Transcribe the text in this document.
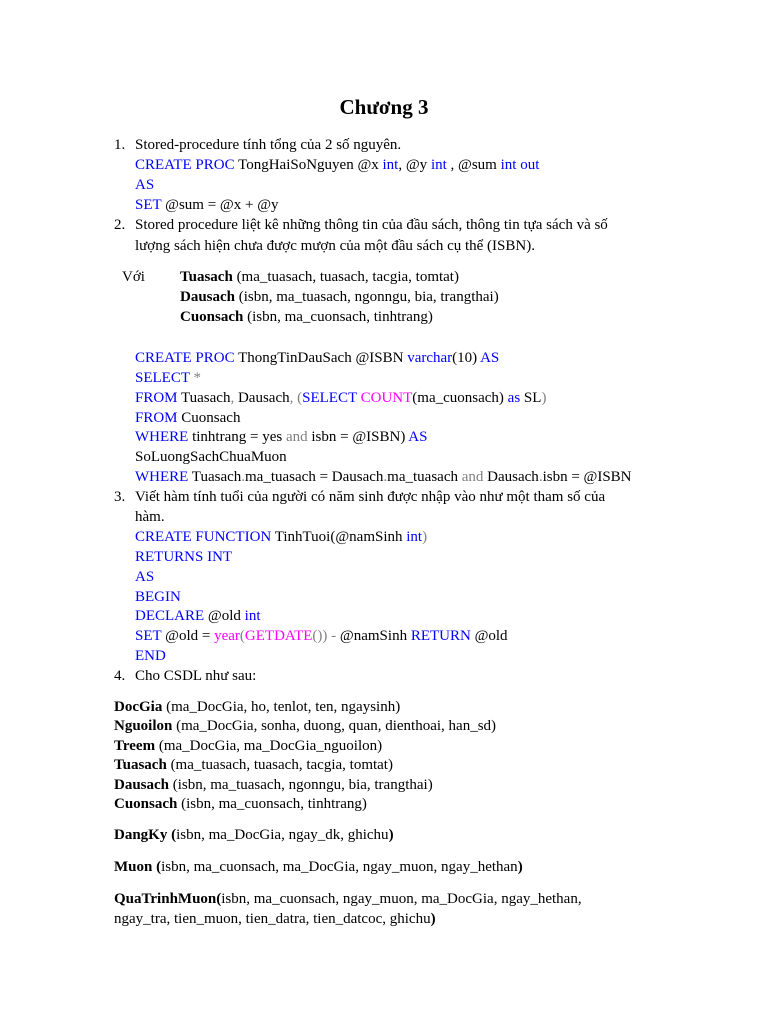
Chương 3
1. Stored-procedure tính tổng của 2 số nguyên.
CREATE PROC TongHaiSoNguyen @x int, @y int , @sum int out
AS
SET @sum = @x + @y
2. Stored procedure liệt kê những thông tin của đầu sách, thông tin tựa sách và số
lượng sách hiện chưa được mượn của một đầu sách cụ thể (ISBN).
Với Tuasach (ma_tuasach, tuasach, tacgia, tomtat)
Dausach (isbn, ma_tuasach, ngonngu, bia, trangthai)
Cuonsach (isbn, ma_cuonsach, tinhtrang)
CREATE PROC ThongTinDauSach @ISBN varchar(10) AS
SELECT *
FROM Tuasach, Dausach, (SELECT COUNT(ma_cuonsach) as SL)
FROM Cuonsach
WHERE tinhtrang = yes and isbn = @ISBN) AS
SoLuongSachChuaMuon
WHERE Tuasach.ma_tuasach = Dausach.ma_tuasach and Dausach.isbn = @ISBN
3. Viết hàm tính tuổi của người có năm sinh được nhập vào như một tham số của
hàm.
CREATE FUNCTION TinhTuoi(@namSinh int)
RETURNS INT
AS
BEGIN
DECLARE @old int
SET @old = year(GETDATE()) - @namSinh RETURN @old
END
4. Cho CSDL như sau:
DocGia (ma_DocGia, ho, tenlot, ten, ngaysinh)
Nguoilon (ma_DocGia, sonha, duong, quan, dienthoai, han_sd)
Treem (ma_DocGia, ma_DocGia_nguoilon)
Tuasach (ma_tuasach, tuasach, tacgia, tomtat)
Dausach (isbn, ma_tuasach, ngonngu, bia, trangthai)
Cuonsach (isbn, ma_cuonsach, tinhtrang)
DangKy (isbn, ma_DocGia, ngay_dk, ghichu)
Muon (isbn, ma_cuonsach, ma_DocGia, ngay_muon, ngay_hethan)
QuaTrinhMuon(isbn, ma_cuonsach, ngay_muon, ma_DocGia, ngay_hethan,
ngay_tra, tien_muon, tien_datra, tien_datcoc, ghichu)
